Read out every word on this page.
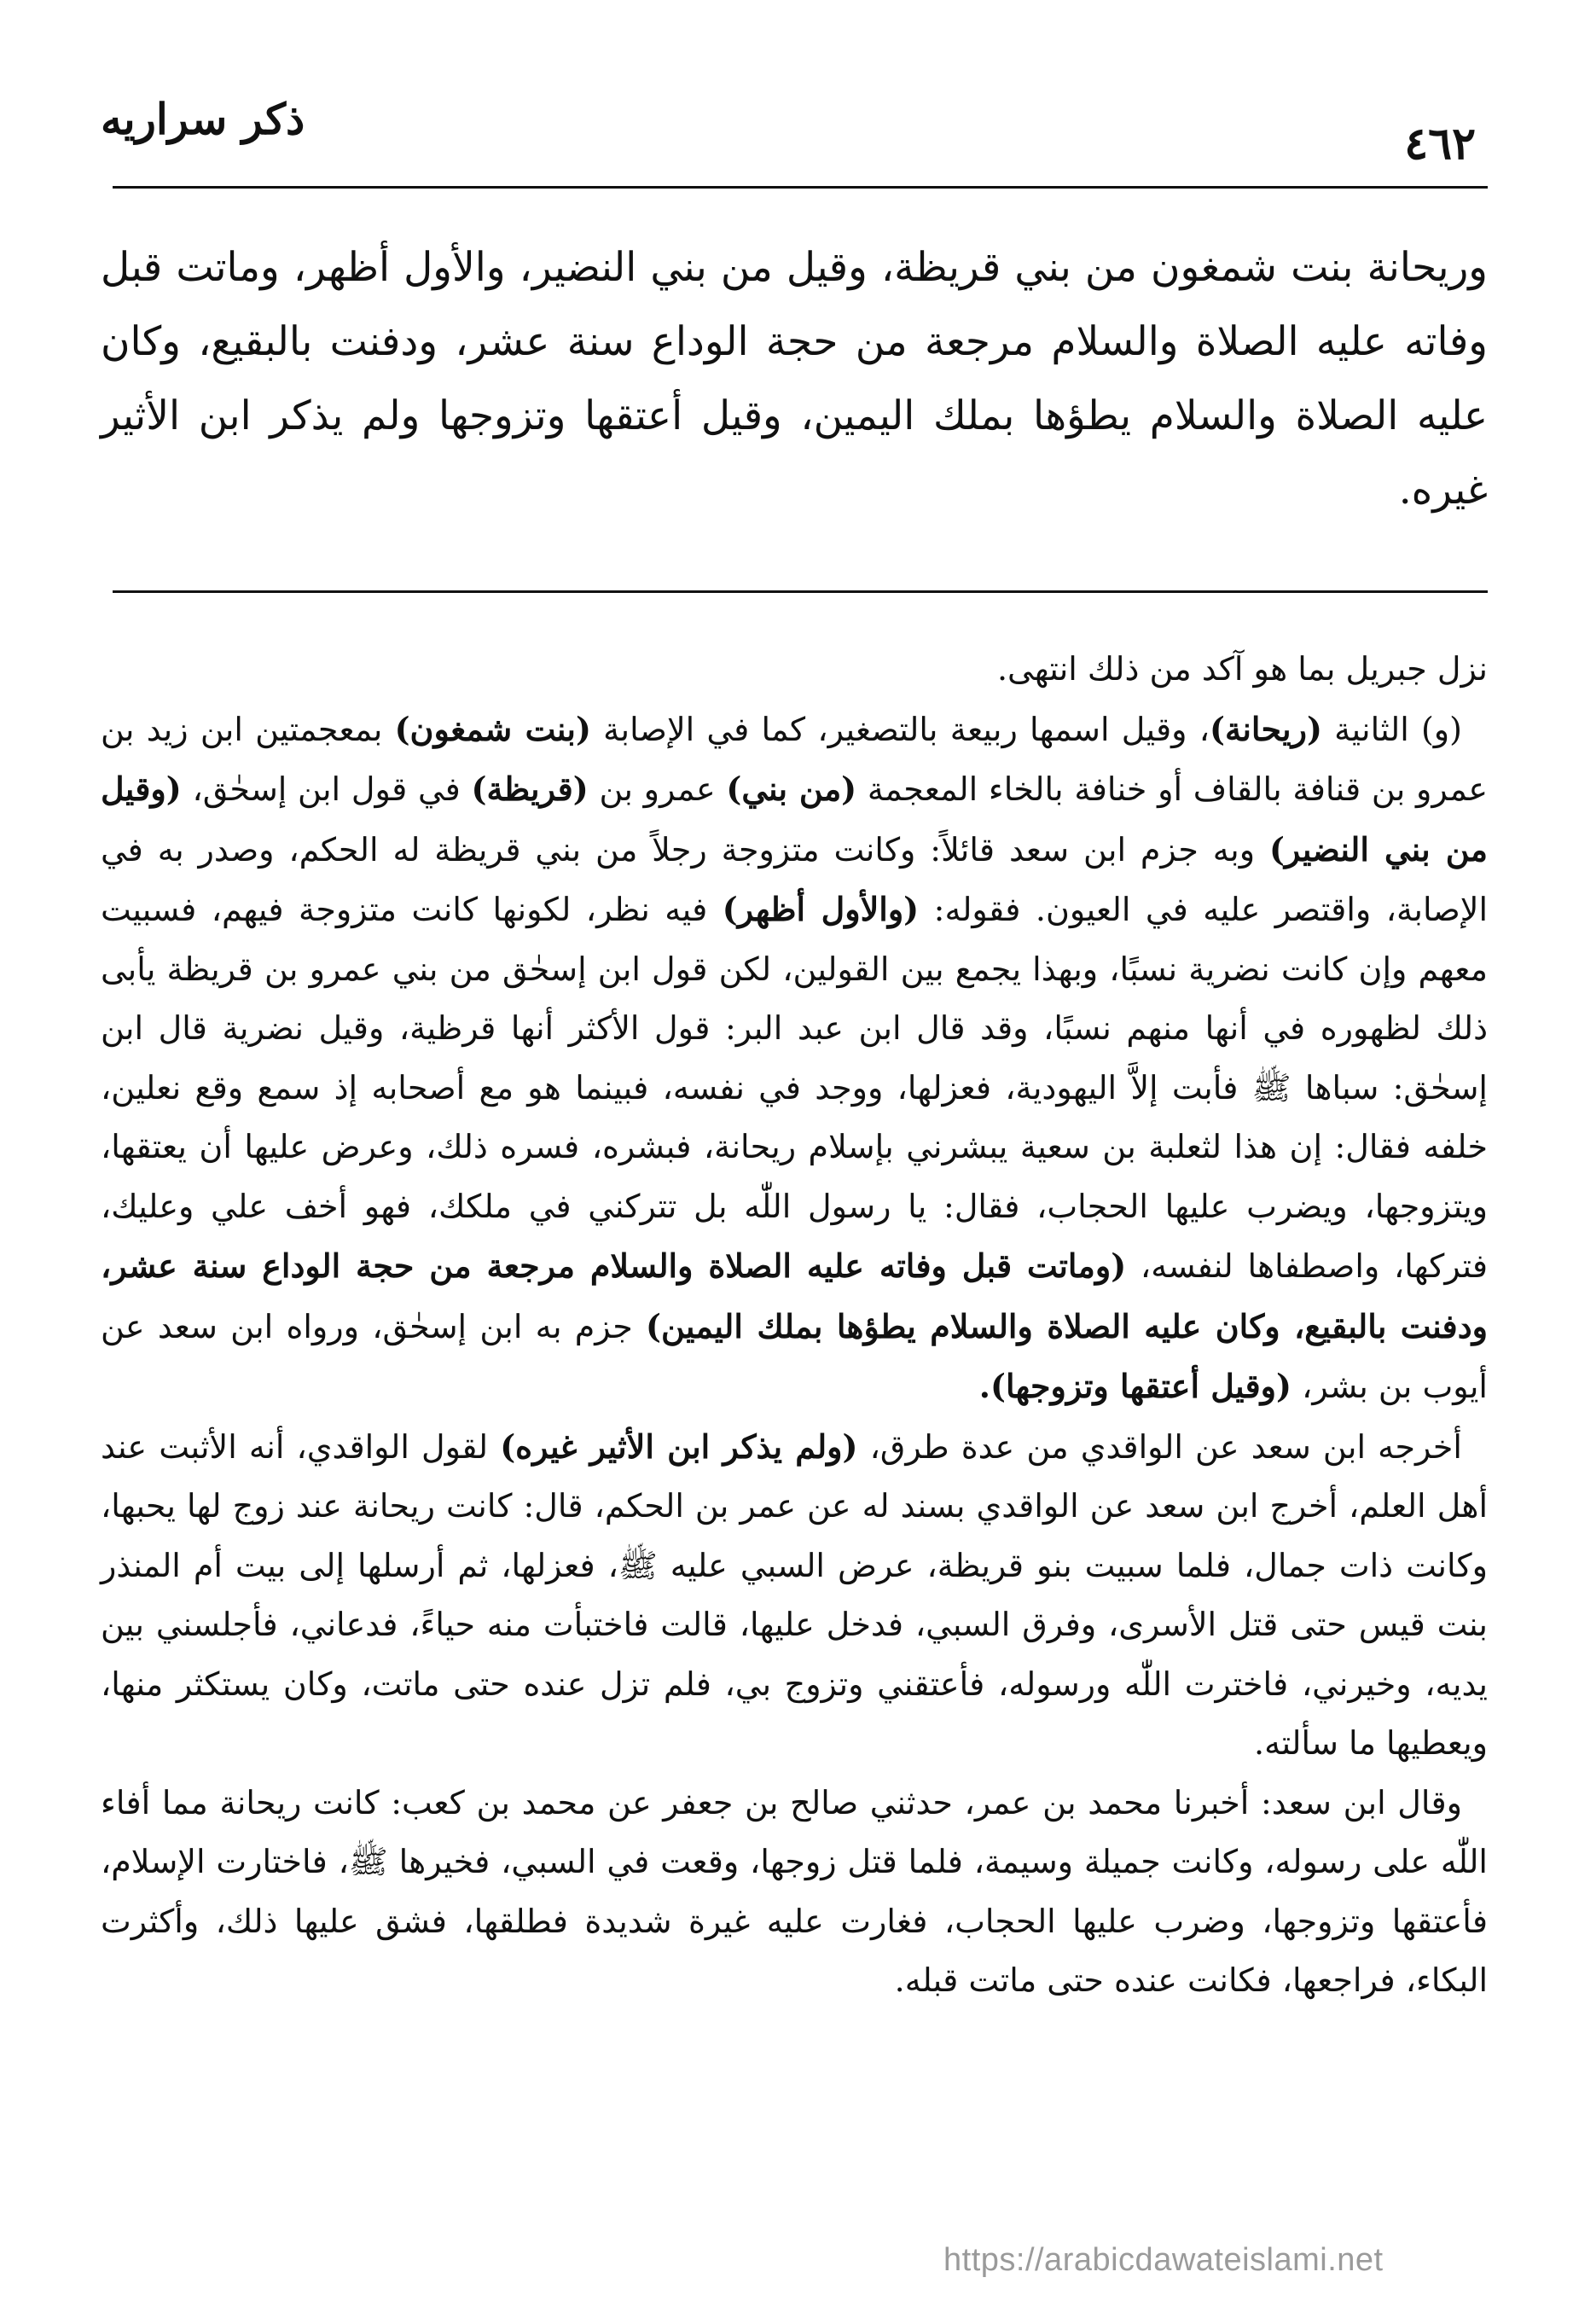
ذكر سراريه	٤٦٢

وريحانة بنت شمغون من بني قريظة، وقيل من بني النضير، والأول أظهر، وماتت قبل وفاته عليه الصلاة والسلام مرجعة من حجة الوداع سنة عشر، ودفنت بالبقيع، وكان عليه الصلاة والسلام يطؤها بملك اليمين، وقيل أعتقها وتزوجها ولم يذكر ابن الأثير غيره.

نزل جبريل بما هو آكد من ذلك انتهى.

(و) الثانية (ريحانة)، وقيل اسمها ربيعة بالتصغير، كما في الإصابة (بنت شمغون) بمعجمتين ابن زيد بن عمرو بن قنافة بالقاف أو خنافة بالخاء المعجمة (من بني) عمرو بن (قريظة) في قول ابن إسحٰق، (وقيل من بني النضير) وبه جزم ابن سعد قائلاً: وكانت متزوجة رجلاً من بني قريظة له الحكم، وصدر به في الإصابة، واقتصر عليه في العيون. فقوله: (والأول أظهر) فيه نظر، لكونها كانت متزوجة فيهم، فسبيت معهم وإن كانت نضرية نسبًا، وبهذا يجمع بين القولين، لكن قول ابن إسحٰق من بني عمرو بن قريظة يأبى ذلك لظهوره في أنها منهم نسبًا، وقد قال ابن عبد البر: قول الأكثر أنها قرظية، وقيل نضرية قال ابن إسحٰق: سباها ﷺ فأبت إلاَّ اليهودية، فعزلها، ووجد في نفسه، فبينما هو مع أصحابه إذ سمع وقع نعلين، خلفه فقال: إن هذا لثعلبة بن سعية يبشرني بإسلام ريحانة، فبشره، فسره ذلك، وعرض عليها أن يعتقها، ويتزوجها، ويضرب عليها الحجاب، فقال: يا رسول اللّٰه بل تتركني في ملكك، فهو أخف علي وعليك، فتركها، واصطفاها لنفسه، (وماتت قبل وفاته عليه الصلاة والسلام مرجعة من حجة الوداع سنة عشر، ودفنت بالبقيع، وكان عليه الصلاة والسلام يطؤها بملك اليمين) جزم به ابن إسحٰق، ورواه ابن سعد عن أيوب بن بشر، (وقيل أعتقها وتزوجها).

أخرجه ابن سعد عن الواقدي من عدة طرق، (ولم يذكر ابن الأثير غيره) لقول الواقدي، أنه الأثبت عند أهل العلم، أخرج ابن سعد عن الواقدي بسند له عن عمر بن الحكم، قال: كانت ريحانة عند زوج لها يحبها، وكانت ذات جمال، فلما سبيت بنو قريظة، عرض السبي عليه ﷺ، فعزلها، ثم أرسلها إلى بيت أم المنذر بنت قيس حتى قتل الأسرى، وفرق السبي، فدخل عليها، قالت فاختبأت منه حياءً، فدعاني، فأجلسني بين يديه، وخيرني، فاخترت اللّٰه ورسوله، فأعتقني وتزوج بي، فلم تزل عنده حتى ماتت، وكان يستكثر منها، ويعطيها ما سألته.

وقال ابن سعد: أخبرنا محمد بن عمر، حدثني صالح بن جعفر عن محمد بن كعب: كانت ريحانة مما أفاء اللّٰه على رسوله، وكانت جميلة وسيمة، فلما قتل زوجها، وقعت في السبي، فخيرها ﷺ، فاختارت الإسلام، فأعتقها وتزوجها، وضرب عليها الحجاب، فغارت عليه غيرة شديدة فطلقها، فشق عليها ذلك، وأكثرت البكاء، فراجعها، فكانت عنده حتى ماتت قبله.

https://arabicdawateislami.net
